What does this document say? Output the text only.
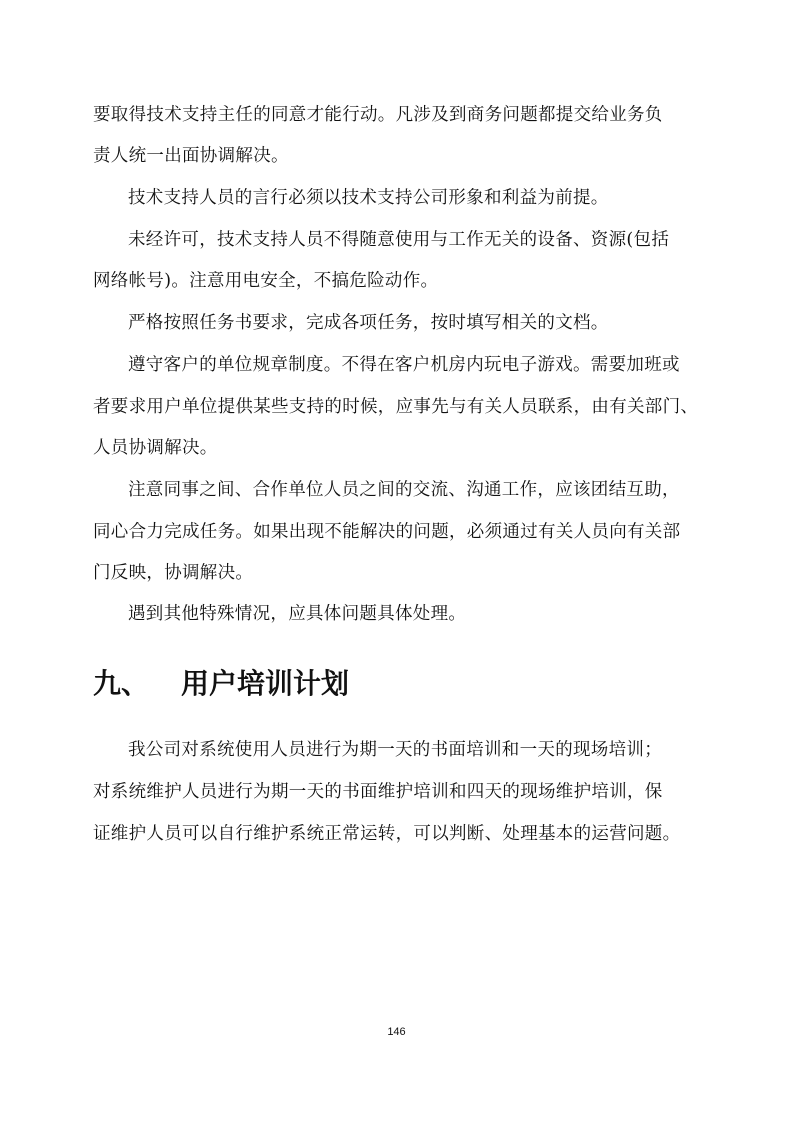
要取得技术支持主任的同意才能行动。凡涉及到商务问题都提交给业务负
责人统一出面协调解决。
技术支持人员的言行必须以技术支持公司形象和利益为前提。
未经许可，技术支持人员不得随意使用与工作无关的设备、资源(包括
网络帐号)。注意用电安全，不搞危险动作。
严格按照任务书要求，完成各项任务，按时填写相关的文档。
遵守客户的单位规章制度。不得在客户机房内玩电子游戏。需要加班或
者要求用户单位提供某些支持的时候，应事先与有关人员联系，由有关部门、
人员协调解决。
注意同事之间、合作单位人员之间的交流、沟通工作，应该团结互助，
同心合力完成任务。如果出现不能解决的问题，必须通过有关人员向有关部
门反映，协调解决。
遇到其他特殊情况，应具体问题具体处理。
九、 用户培训计划
我公司对系统使用人员进行为期一天的书面培训和一天的现场培训；
对系统维护人员进行为期一天的书面维护培训和四天的现场维护培训，保
证维护人员可以自行维护系统正常运转，可以判断、处理基本的运营问题。
146
